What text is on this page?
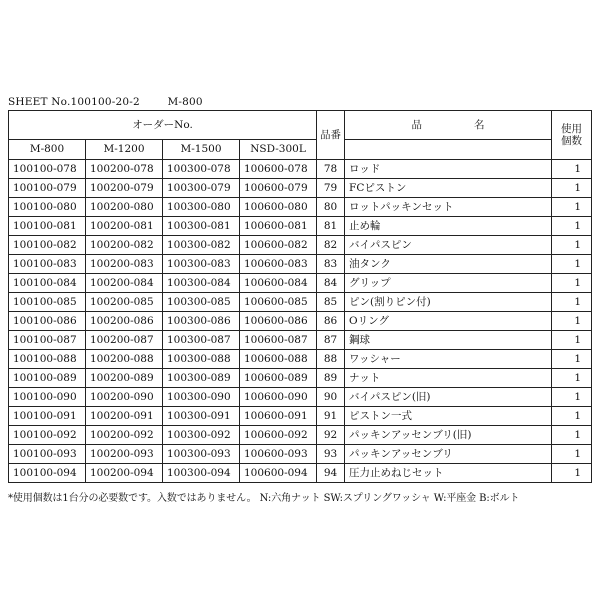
SHEET No.100100-20-2	M-800
オーダーNo.				品番	品 名	使用
個数
M-800	M-1200	M-1500	NSD-300L			
100100-078	100200-078	100300-078	100600-078	78	ロッド	1
100100-079	100200-079	100300-079	100600-079	79	FCピストン	1
100100-080	100200-080	100300-080	100600-080	80	ロットパッキンセット	1
100100-081	100200-081	100300-081	100600-081	81	止め輪	1
100100-082	100200-082	100300-082	100600-082	82	バイパスピン	1
100100-083	100200-083	100300-083	100600-083	83	油タンク	1
100100-084	100200-084	100300-084	100600-084	84	グリップ	1
100100-085	100200-085	100300-085	100600-085	85	ピン(割りピン付)	1
100100-086	100200-086	100300-086	100600-086	86	Oリング	1
100100-087	100200-087	100300-087	100600-087	87	鋼球	1
100100-088	100200-088	100300-088	100600-088	88	ワッシャー	1
100100-089	100200-089	100300-089	100600-089	89	ナット	1
100100-090	100200-090	100300-090	100600-090	90	バイパスピン(旧)	1
100100-091	100200-091	100300-091	100600-091	91	ピストン一式	1
100100-092	100200-092	100300-092	100600-092	92	パッキンアッセンブリ(旧)	1
100100-093	100200-093	100300-093	100600-093	93	パッキンアッセンブリ	1
100100-094	100200-094	100300-094	100600-094	94	圧力止めねじセット	1
*使用個数は1台分の必要数です。入数ではありません。 N:六角ナット SW:スプリングワッシャ W:平座金 B:ボルト
